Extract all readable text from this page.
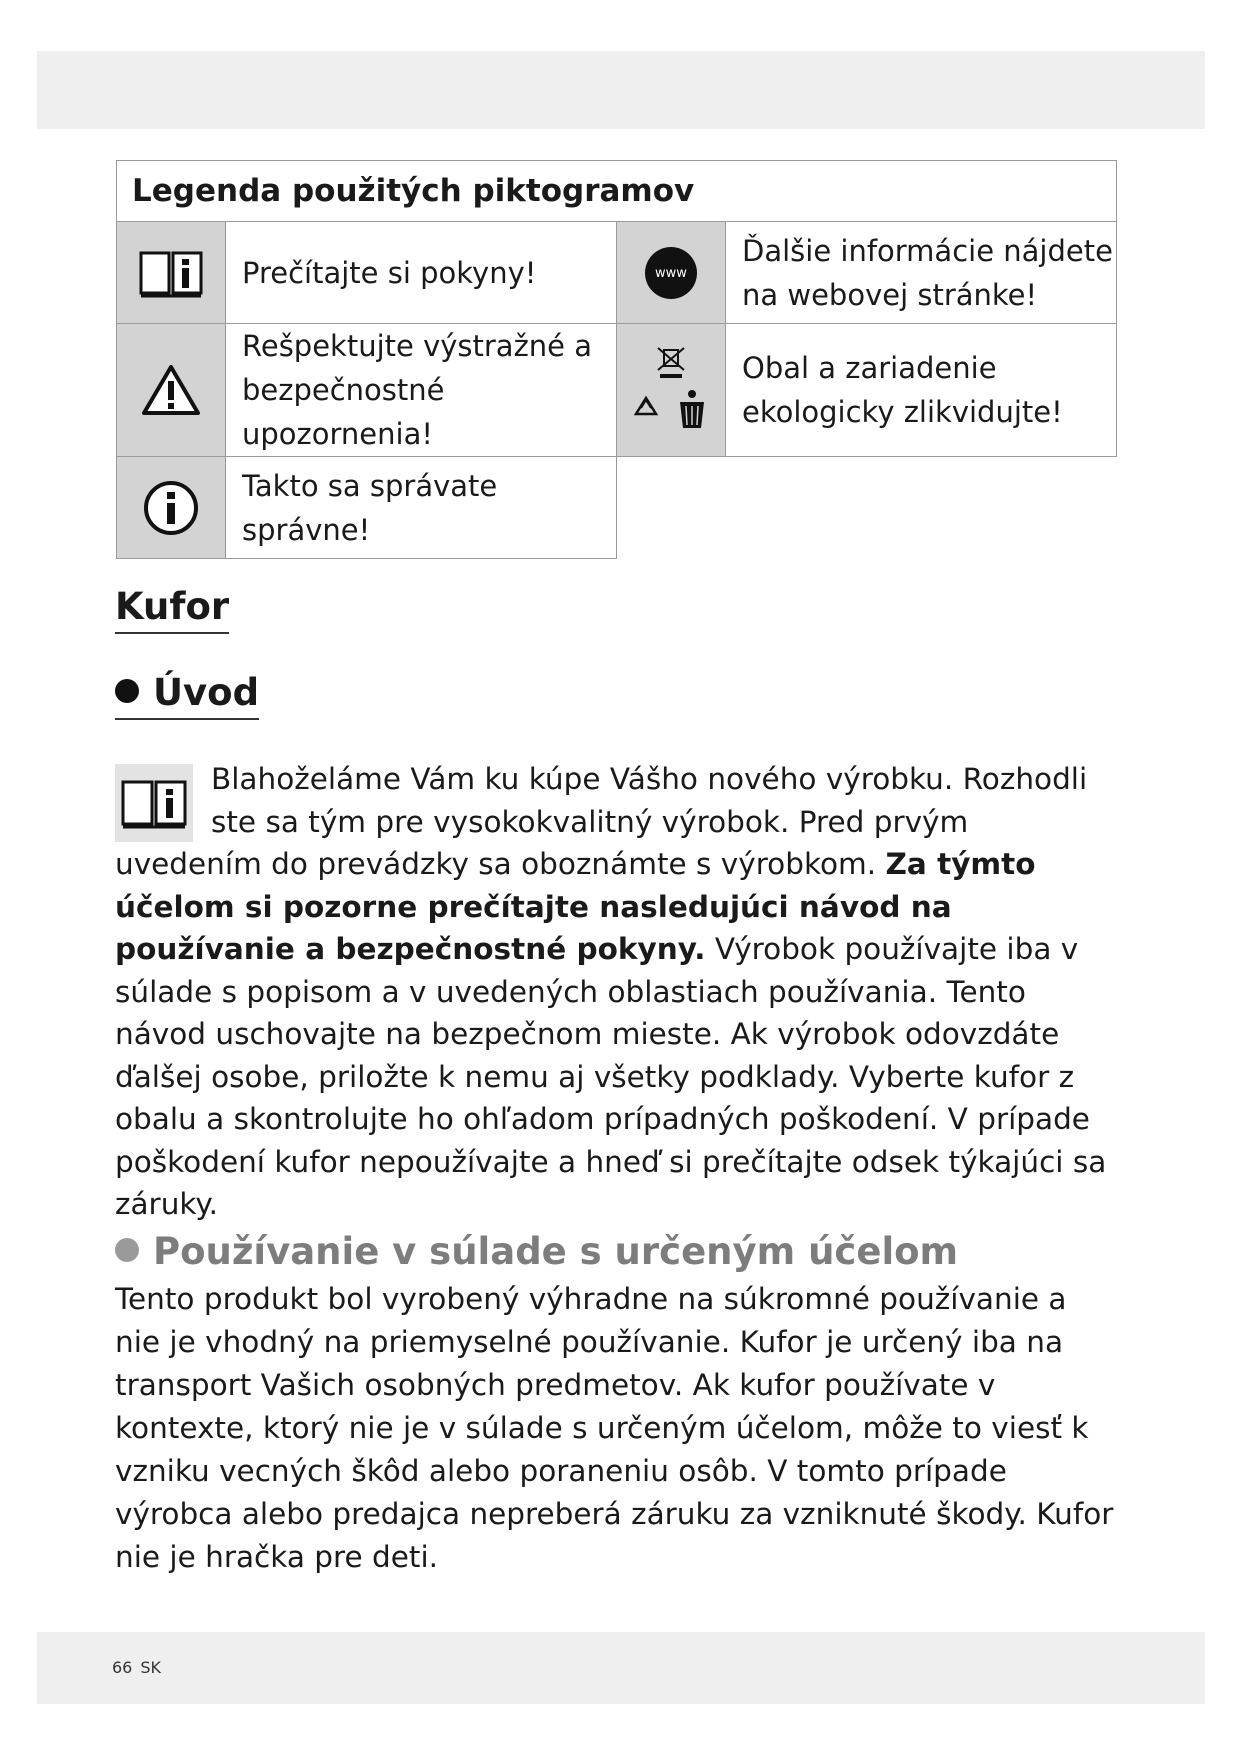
Legenda použitých piktogramov			
	Prečítajte si pokyny!	www	Ďalšie informácie nájdete na webovej stránke!
	Rešpektujte výstražné a bezpečnostné upozornenia!		Obal a zariadenie ekologicky zlikvidujte!
	Takto sa správate správne!		
Kufor
Úvod

Blahoželáme Vám ku kúpe Vášho nového výrobku. Rozhodli ste sa tým pre vysokokvalitný výrobok. Pred prvým uvedením do prevádzky sa oboznámte s výrobkom. Za týmto účelom si pozorne prečítajte nasledujúci návod na používanie a bezpečnostné pokyny. Výrobok používajte iba v súlade s popisom a v uvedených oblastiach používania. Tento návod uschovajte na bezpečnom mieste. Ak výrobok odovzdáte ďalšej osobe, priložte k nemu aj všetky podklady. Vyberte kufor z obalu a skontrolujte ho ohľadom prípadných poškodení. V prípade poškodení kufor nepoužívajte a hneď si prečítajte odsek týkajúci sa záruky.

Používanie v súlade s určeným účelom

Tento produkt bol vyrobený výhradne na súkromné používanie a nie je vhodný na priemyselné používanie. Kufor je určený iba na transport Vašich osobných predmetov. Ak kufor používate v kontexte, ktorý nie je v súlade s určeným účelom, môže to viesť k vzniku vecných škôd alebo poraneniu osôb. V tomto prípade výrobca alebo predajca nepreberá záruku za vzniknuté škody. Kufor nie je hračka pre deti.

66 SK
